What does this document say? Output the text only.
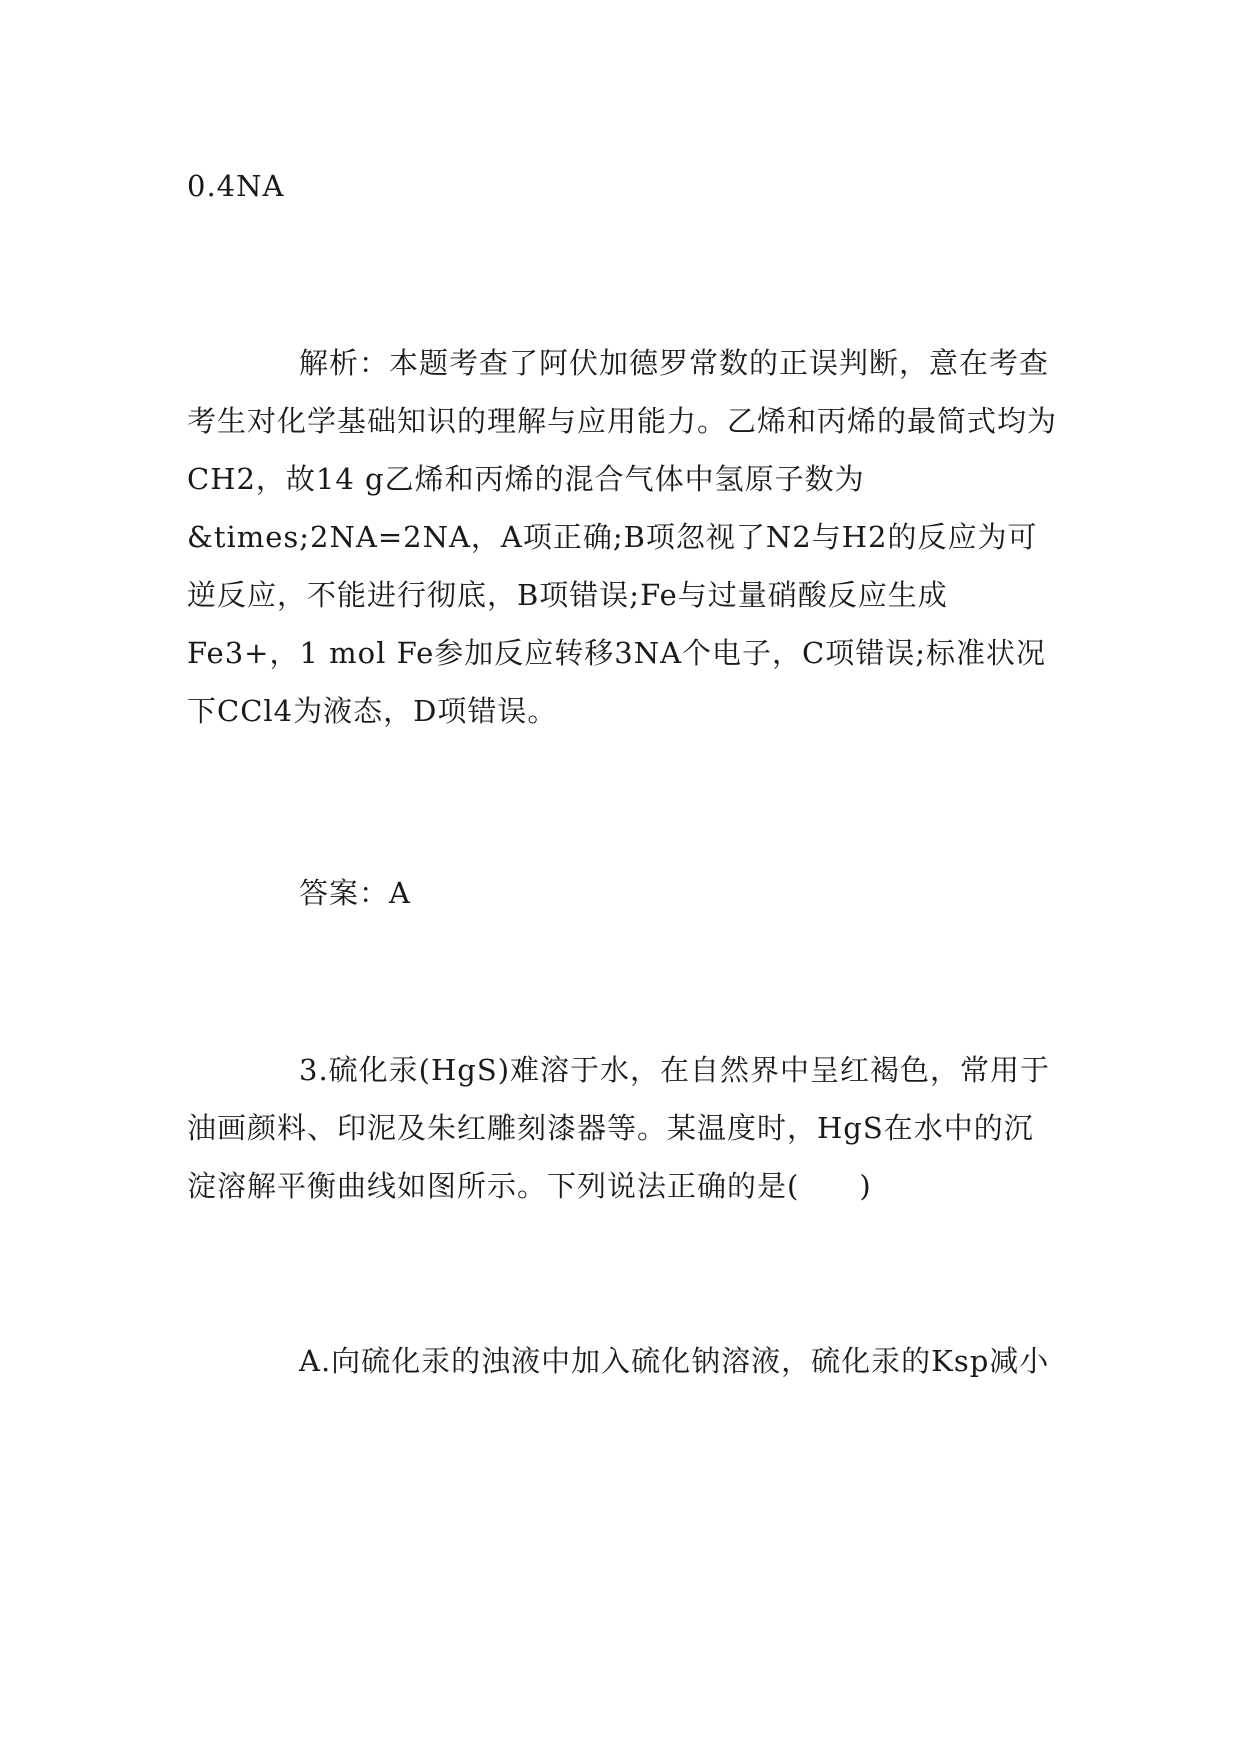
0.4NA

解析：本题考查了阿伏加德罗常数的正误判断，意在考查考生对化学基础知识的理解与应用能力。乙烯和丙烯的最简式均为CH2，故14 g乙烯和丙烯的混合气体中氢原子数为&times;2NA=2NA，A项正确;B项忽视了N2与H2的反应为可逆反应，不能进行彻底，B项错误;Fe与过量硝酸反应生成Fe3+，1 mol Fe参加反应转移3NA个电子，C项错误;标准状况下CCl4为液态，D项错误。

答案：A

3.硫化汞(HgS)难溶于水，在自然界中呈红褐色，常用于油画颜料、印泥及朱红雕刻漆器等。某温度时，HgS在水中的沉淀溶解平衡曲线如图所示。下列说法正确的是(　　)

A.向硫化汞的浊液中加入硫化钠溶液，硫化汞的Ksp减小
